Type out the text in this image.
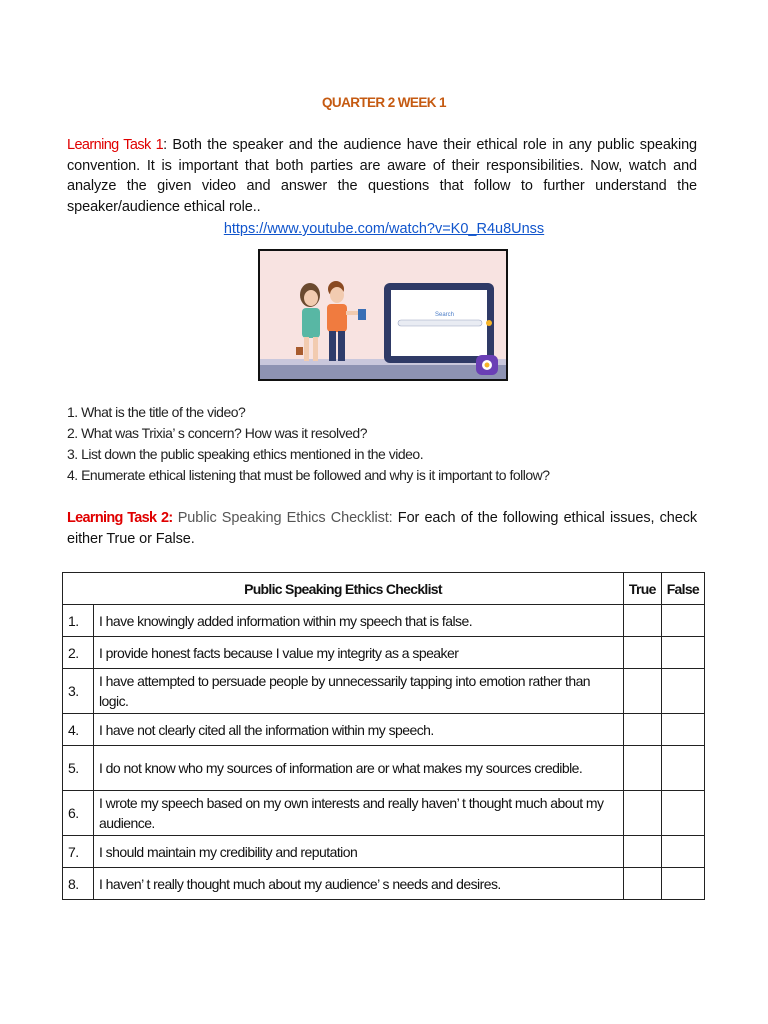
QUARTER 2 WEEK 1
Learning Task 1: Both the speaker and the audience have their ethical role in any public speaking convention. It is important that both parties are aware of their responsibilities. Now, watch and analyze the given video and answer the questions that follow to further understand the speaker/audience ethical role..
https://www.youtube.com/watch?v=K0_R4u8Unss
Search
1. What is the title of the video?
2. What was Trixia’ s concern? How was it resolved?
3. List down the public speaking ethics mentioned in the video.
4. Enumerate ethical listening that must be followed and why is it important to follow?
Learning Task 2: Public Speaking Ethics Checklist: For each of the following ethical issues, check either True or False.
Public Speaking Ethics Checklist		True	False
1.	I have knowingly added information within my speech that is false.		
2.	I provide honest facts because I value my integrity as a speaker		
3.	I have attempted to persuade people by unnecessarily tapping into emotion rather than logic.		
4.	I have not clearly cited all the information within my speech.		
5.	I do not know who my sources of information are or what makes my sources credible.		
6.	I wrote my speech based on my own interests and really haven’ t thought much about my audience.		
7.	I should maintain my credibility and reputation		
8.	I haven’ t really thought much about my audience’ s needs and desires.		
